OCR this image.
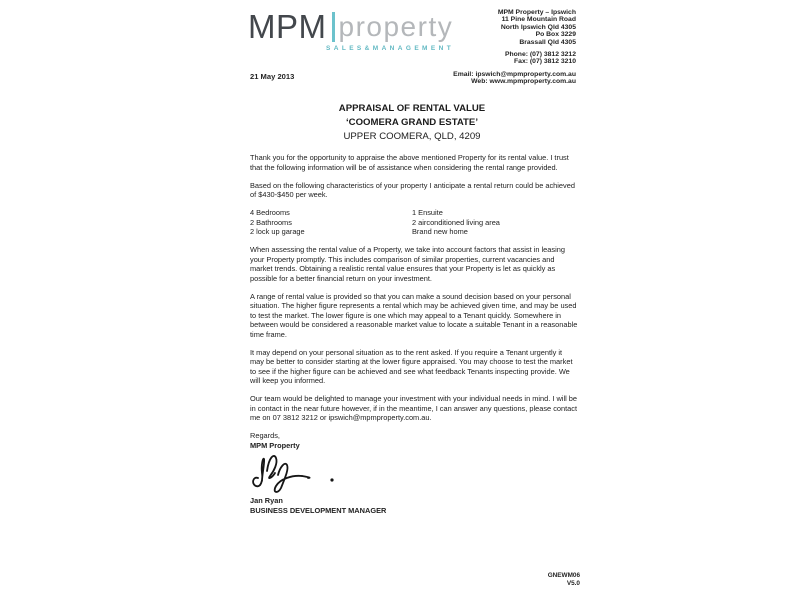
MPM property
SALES&MANAGEMENT
MPM Property – Ipswich
11 Pine Mountain Road
North Ipswich Qld 4305
Po Box 3229
Brassall Qld 4305
Phone: (07) 3812 3212
Fax: (07) 3812 3210
Email: ipswich@mpmproperty.com.au
Web: www.mpmproperty.com.au
21 May 2013
APPRAISAL OF RENTAL VALUE
‘COOMERA GRAND ESTATE’
UPPER COOMERA, QLD, 4209

Thank you for the opportunity to appraise the above mentioned Property for its rental value. I trust that the following information will be of assistance when considering the rental range provided.

Based on the following characteristics of your property I anticipate a rental return could be achieved of $430-$450 per week.

4 Bedrooms
2 Bathrooms
2 lock up garage
1 Ensuite
2 airconditioned living area
Brand new home

When assessing the rental value of a Property, we take into account factors that assist in leasing your Property promptly. This includes comparison of similar properties, current vacancies and market trends. Obtaining a realistic rental value ensures that your Property is let as quickly as possible for a better financial return on your investment.

A range of rental value is provided so that you can make a sound decision based on your personal situation. The higher figure represents a rental which may be achieved given time, and may be used to test the market. The lower figure is one which may appeal to a Tenant quickly. Somewhere in between would be considered a reasonable market value to locate a suitable Tenant in a reasonable time frame.

It may depend on your personal situation as to the rent asked. If you require a Tenant urgently it may be better to consider starting at the lower figure appraised. You may choose to test the market to see if the higher figure can be achieved and see what feedback Tenants inspecting provide. We will keep you informed.

Our team would be delighted to manage your investment with your individual needs in mind. I will be in contact in the near future however, if in the meantime, I can answer any questions, please contact me on 07 3812 3212 or ipswich@mpmproperty.com.au.

Regards,
MPM Property
Jan Ryan
BUSINESS DEVELOPMENT MANAGER
GNEWM06
V5.0
